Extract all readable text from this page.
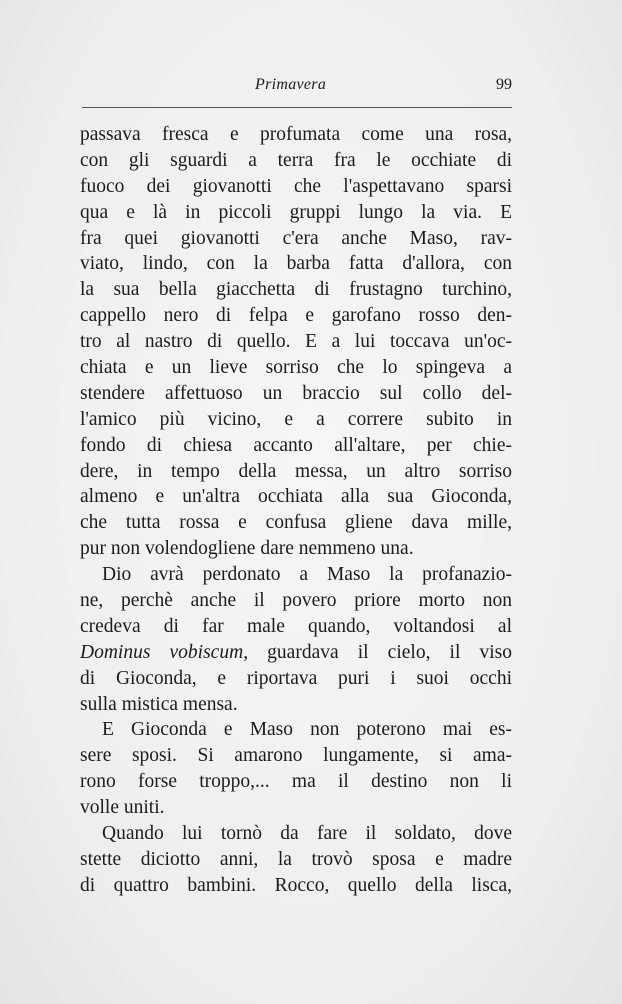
Primavera	99
passava fresca e profumata come una rosa,
con gli sguardi a terra fra le occhiate di
fuoco dei giovanotti che l'aspettavano sparsi
qua e là in piccoli gruppi lungo la via. E
fra quei giovanotti c'era anche Maso, rav-
viato, lindo, con la barba fatta d'allora, con
la sua bella giacchetta di frustagno turchino,
cappello nero di felpa e garofano rosso den-
tro al nastro di quello. E a lui toccava un'oc-
chiata e un lieve sorriso che lo spingeva a
stendere affettuoso un braccio sul collo del-
l'amico più vicino, e a correre subito in
fondo di chiesa accanto all'altare, per chie-
dere, in tempo della messa, un altro sorriso
almeno e un'altra occhiata alla sua Gioconda,
che tutta rossa e confusa gliene dava mille,
pur non volendogliene dare nemmeno una.
Dio avrà perdonato a Maso la profanazio-
ne, perchè anche il povero priore morto non
credeva di far male quando, voltandosi al
Dominus vobiscum, guardava il cielo, il viso
di Gioconda, e riportava puri i suoi occhi
sulla mistica mensa.
E Gioconda e Maso non poterono mai es-
sere sposi. Si amarono lungamente, si ama-
rono forse troppo,... ma il destino non li
volle uniti.
Quando lui tornò da fare il soldato, dove
stette diciotto anni, la trovò sposa e madre
di quattro bambini. Rocco, quello della lisca,
